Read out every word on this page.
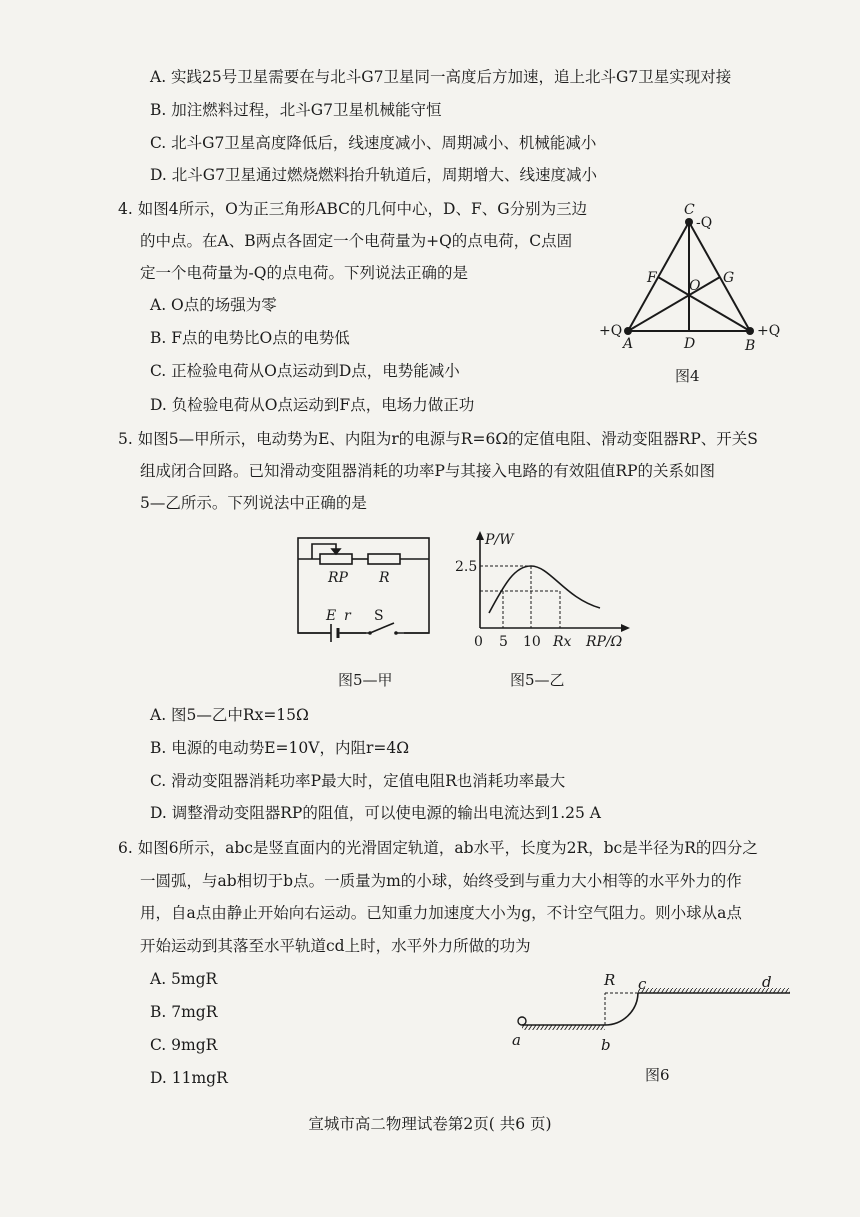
A. 实践25号卫星需要在与北斗G7卫星同一高度后方加速，追上北斗G7卫星实现对接
B. 加注燃料过程，北斗G7卫星机械能守恒
C. 北斗G7卫星高度降低后，线速度减小、周期减小、机械能减小
D. 北斗G7卫星通过燃烧燃料抬升轨道后，周期增大、线速度减小
4. 如图4所示，O为正三角形ABC的几何中心，D、F、G分别为三边
的中点。在A、B两点各固定一个电荷量为+Q的点电荷，C点固
定一个电荷量为-Q的点电荷。下列说法正确的是
A. O点的场强为零
B. F点的电势比O点的电势低
C. 正检验电荷从O点运动到D点，电势能减小
D. 负检验电荷从O点运动到F点，电场力做正功
C
-Q
F	G
O
+Q
A	D	B
+Q
图4
5. 如图5—甲所示，电动势为E、内阻为r的电源与R=6Ω的定值电阻、滑动变阻器RP、开关S
组成闭合回路。已知滑动变阻器消耗的功率P与其接入电路的有效阻值RP的关系如图
5—乙所示。下列说法中正确的是
RP R
E r S
图5—甲
P/W
2.5
0 5 10 Rx RP/Ω
图5—乙
A. 图5—乙中Rx=15Ω
B. 电源的电动势E=10V，内阻r=4Ω
C. 滑动变阻器消耗功率P最大时，定值电阻R也消耗功率最大
D. 调整滑动变阻器RP的阻值，可以使电源的输出电流达到1.25 A
6. 如图6所示，abc是竖直面内的光滑固定轨道，ab水平，长度为2R，bc是半径为R的四分之
一圆弧，与ab相切于b点。一质量为m的小球，始终受到与重力大小相等的水平外力的作
用，自a点由静止开始向右运动。已知重力加速度大小为g，不计空气阻力。则小球从a点
开始运动到其落至水平轨道cd上时，水平外力所做的功为
A. 5mgR
B. 7mgR
C. 9mgR
D. 11mgR
R c	d
a	b
图6
宣城市高二物理试卷第2页( 共6 页)
